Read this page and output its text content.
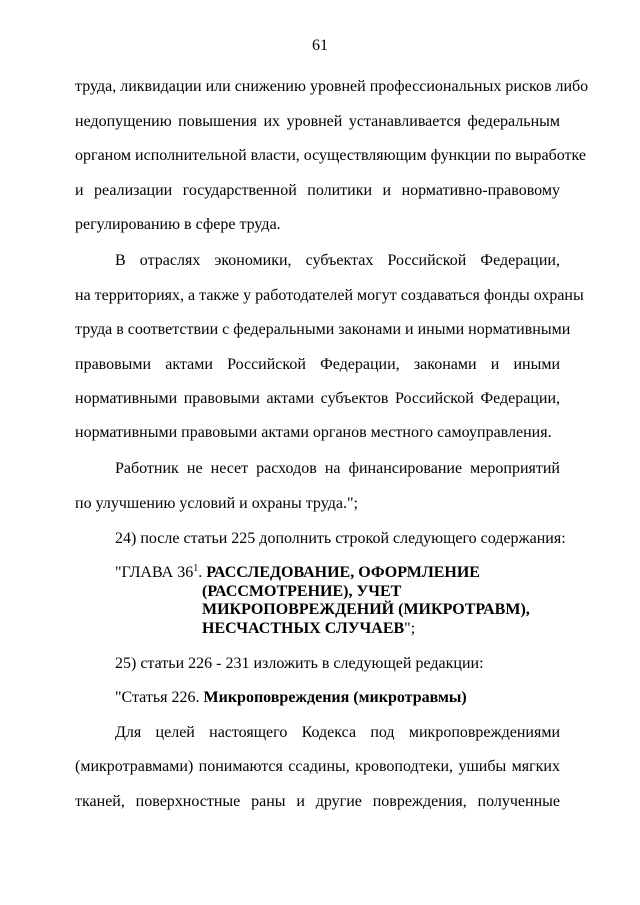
61
труда, ликвидации или снижению уровней профессиональных рисков либо
недопущению повышения их уровней устанавливается федеральным
органом исполнительной власти, осуществляющим функции по выработке
и реализации государственной политики и нормативно-правовому
регулированию в сфере труда.
В отраслях экономики, субъектах Российской Федерации,
на территориях, а также у работодателей могут создаваться фонды охраны
труда в соответствии с федеральными законами и иными нормативными
правовыми актами Российской Федерации, законами и иными
нормативными правовыми актами субъектов Российской Федерации,
нормативными правовыми актами органов местного самоуправления.
Работник не несет расходов на финансирование мероприятий
по улучшению условий и охраны труда.";
24) после статьи 225 дополнить строкой следующего содержания:
"ГЛАВА $36^1$. РАССЛЕДОВАНИЕ, ОФОРМЛЕНИЕ
(РАССМОТРЕНИЕ), УЧЕТ
МИКРОПОВРЕЖДЕНИЙ (МИКРОТРАВМ),
НЕСЧАСТНЫХ СЛУЧАЕВ";
25) статьи 226 - 231 изложить в следующей редакции:
"Статья 226. Микроповреждения (микротравмы)
Для целей настоящего Кодекса под микроповреждениями
(микротравмами) понимаются ссадины, кровоподтеки, ушибы мягких
тканей, поверхностные раны и другие повреждения, полученные
